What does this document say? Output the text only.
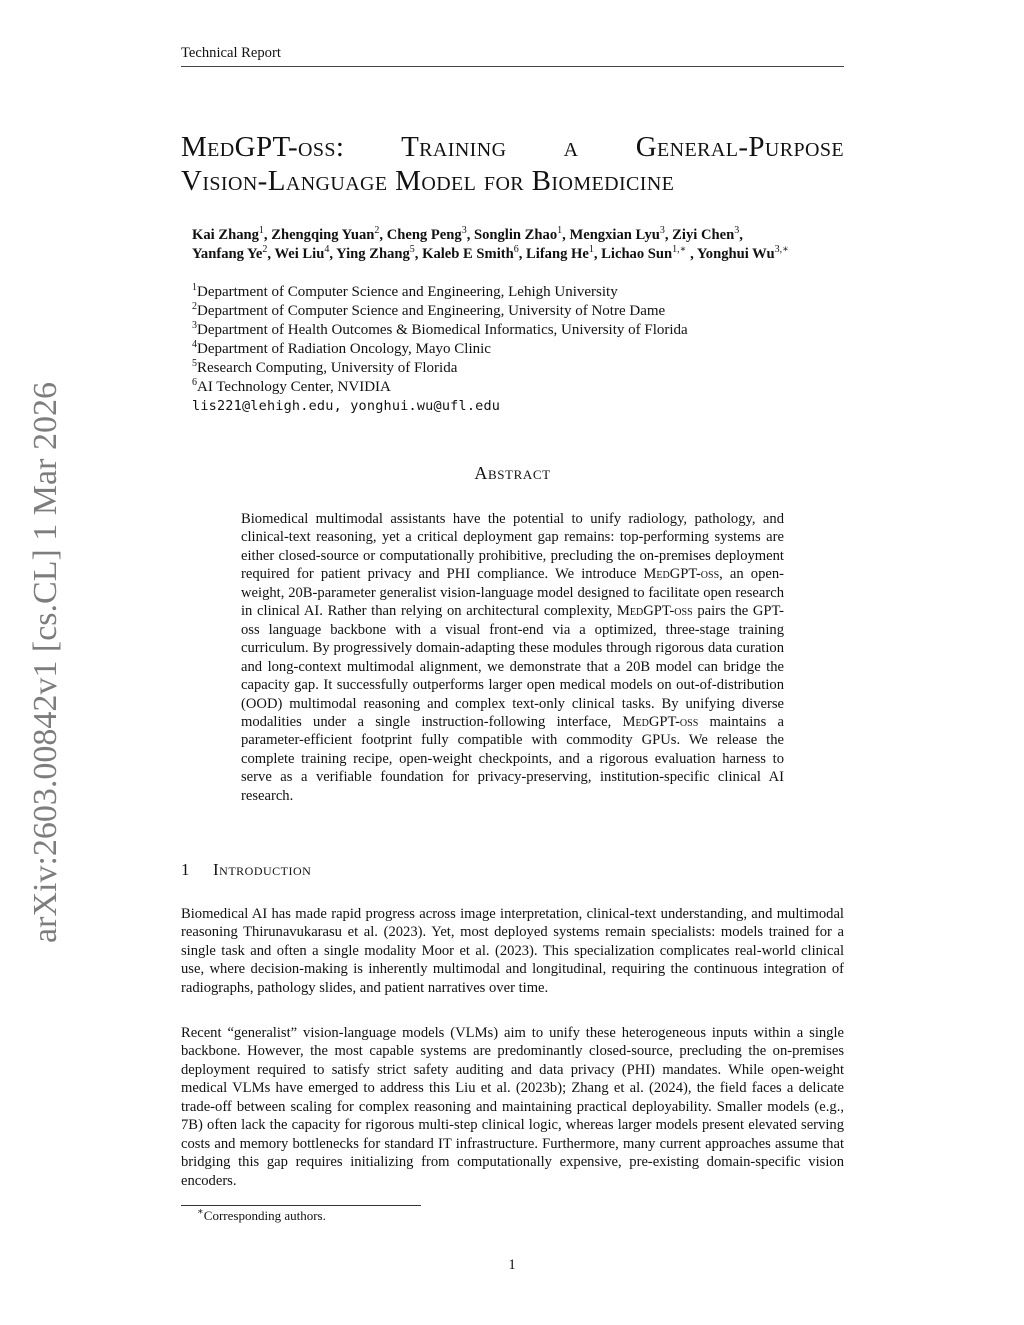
Technical Report
arXiv:2603.00842v1 [cs.CL] 1 Mar 2026
MedGPT-oss: Training a General-Purpose
Vision-Language Model for Biomedicine
Kai Zhang$^1$, Zhengqing Yuan$^2$, Cheng Peng$^3$, Songlin Zhao$^1$, Mengxian Lyu$^3$, Ziyi Chen$^3$,
Yanfang Ye$^2$, Wei Liu$^4$, Ying Zhang$^5$, Kaleb E Smith$^6$, Lifang He$^1$, Lichao Sun$^{1,∗}$ , Yonghui $Wu^{3,∗}$
$^1$Department of Computer Science and Engineering, Lehigh University
$^2$Department of Computer Science and Engineering, University of Notre Dame
$^3$Department of Health Outcomes & Biomedical Informatics, University of Florida
$^4$Department of Radiation Oncology, Mayo Clinic
$^5$Research Computing, University of Florida
$^6$AI Technology Center, NVIDIA
lis221@lehigh.edu, yonghui.wu@ufl.edu
Abstract
Biomedical multimodal assistants have the potential to unify radiology, pathology, and clinical-text reasoning, yet a critical deployment gap remains: top-performing systems are either closed-source or computationally prohibitive, precluding the on-premises deployment required for patient privacy and PHI compliance. We introduce MedGPT-oss, an open-weight, 20B-parameter generalist vision-language model designed to facilitate open research in clinical AI. Rather than relying on architectural complexity, MedGPT-oss pairs the GPT-oss language backbone with a visual front-end via a optimized, three-stage training curriculum. By progressively domain-adapting these modules through rigorous data curation and long-context multimodal alignment, we demonstrate that a 20B model can bridge the capacity gap. It successfully outperforms larger open medical models on out-of-distribution (OOD) multimodal reasoning and complex text-only clinical tasks. By unifying diverse modalities under a single instruction-following interface, MedGPT-oss maintains a parameter-efficient footprint fully compatible with commodity GPUs. We release the complete training recipe, open-weight checkpoints, and a rigorous evaluation harness to serve as a verifiable foundation for privacy-preserving, institution-specific clinical AI research.
1 Introduction

Biomedical AI has made rapid progress across image interpretation, clinical-text understanding, and multimodal reasoning Thirunavukarasu et al. (2023). Yet, most deployed systems remain specialists: models trained for a single task and often a single modality Moor et al. (2023). This specialization complicates real-world clinical use, where decision-making is inherently multimodal and longitudinal, requiring the continuous integration of radiographs, pathology slides, and patient narratives over time.

Recent “generalist” vision-language models (VLMs) aim to unify these heterogeneous inputs within a single backbone. However, the most capable systems are predominantly closed-source, precluding the on-premises deployment required to satisfy strict safety auditing and data privacy (PHI) mandates. While open-weight medical VLMs have emerged to address this Liu et al. (2023b); Zhang et al. (2024), the field faces a delicate trade-off between scaling for complex reasoning and maintaining practical deployability. Smaller models (e.g., 7B) often lack the capacity for rigorous multi-step clinical logic, whereas larger models present elevated serving costs and memory bottlenecks for standard IT infrastructure. Furthermore, many current approaches assume that bridging this gap requires initializing from computationally expensive, pre-existing domain-specific vision encoders.

∗Corresponding authors.
1
